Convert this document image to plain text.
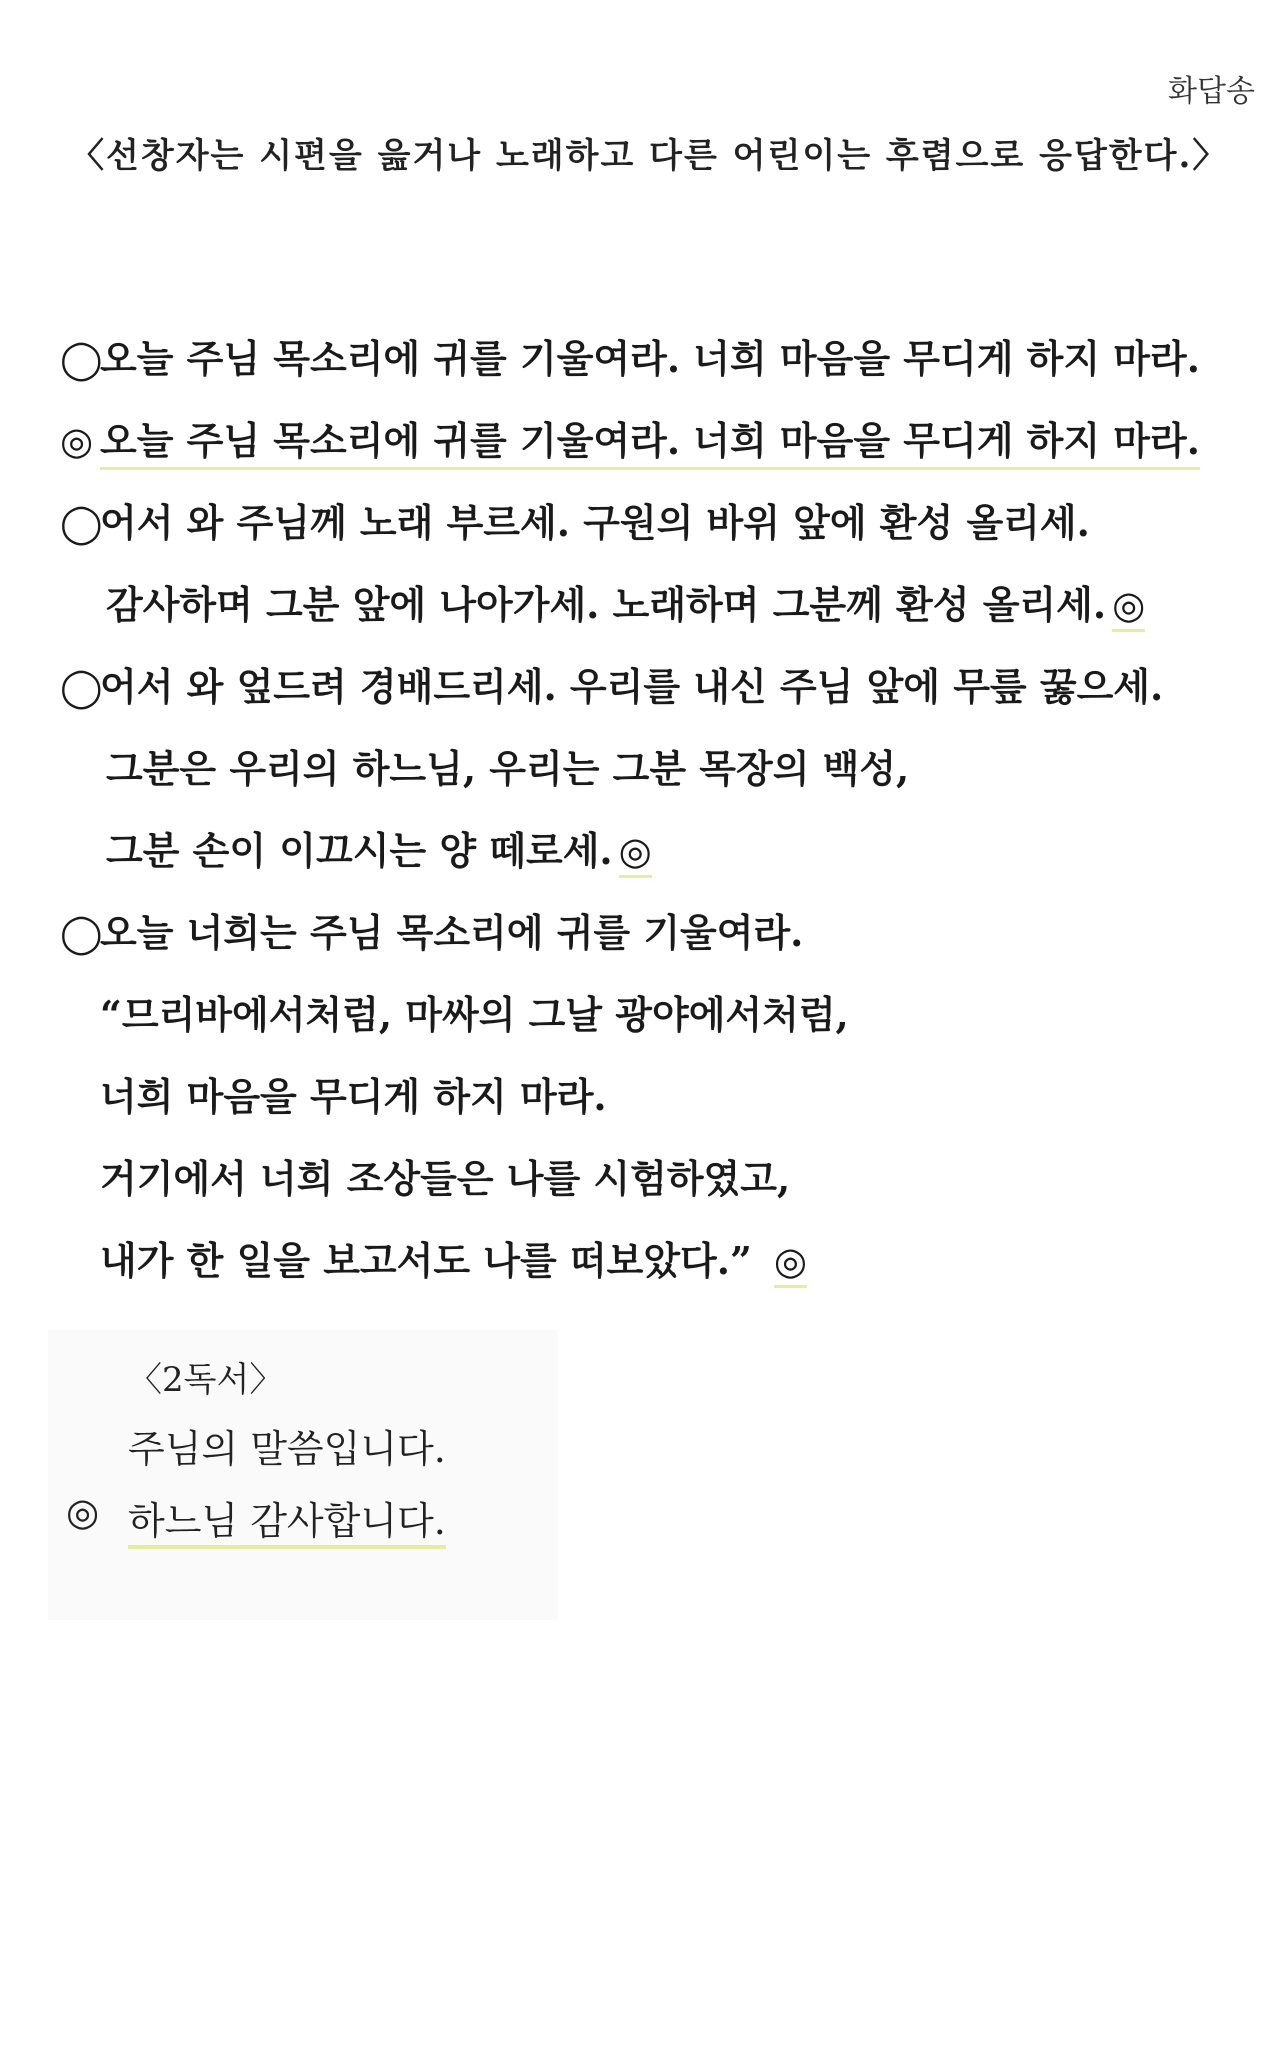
화답송
〈선창자는 시편을 읊거나 노래하고 다른 어린이는 후렴으로 응답한다.〉
◯오늘 주님 목소리에 귀를 기울여라. 너희 마음을 무디게 하지 마라.
◎ 오늘 주님 목소리에 귀를 기울여라. 너희 마음을 무디게 하지 마라.
◯어서 와 주님께 노래 부르세. 구원의 바위 앞에 환성 올리세.
감사하며 그분 앞에 나아가세. 노래하며 그분께 환성 올리세. ◎
◯어서 와 엎드려 경배드리세. 우리를 내신 주님 앞에 무릎 꿇으세.
그분은 우리의 하느님, 우리는 그분 목장의 백성,
그분 손이 이끄시는 양 떼로세. ◎
◯오늘 너희는 주님 목소리에 귀를 기울여라.
“므리바에서처럼, 마싸의 그날 광야에서처럼,
너희 마음을 무디게 하지 마라.
거기에서 너희 조상들은 나를 시험하였고,
내가 한 일을 보고서도 나를 떠보았다.” ◎
〈2독서〉
주님의 말씀입니다.
◎ 하느님 감사합니다.
